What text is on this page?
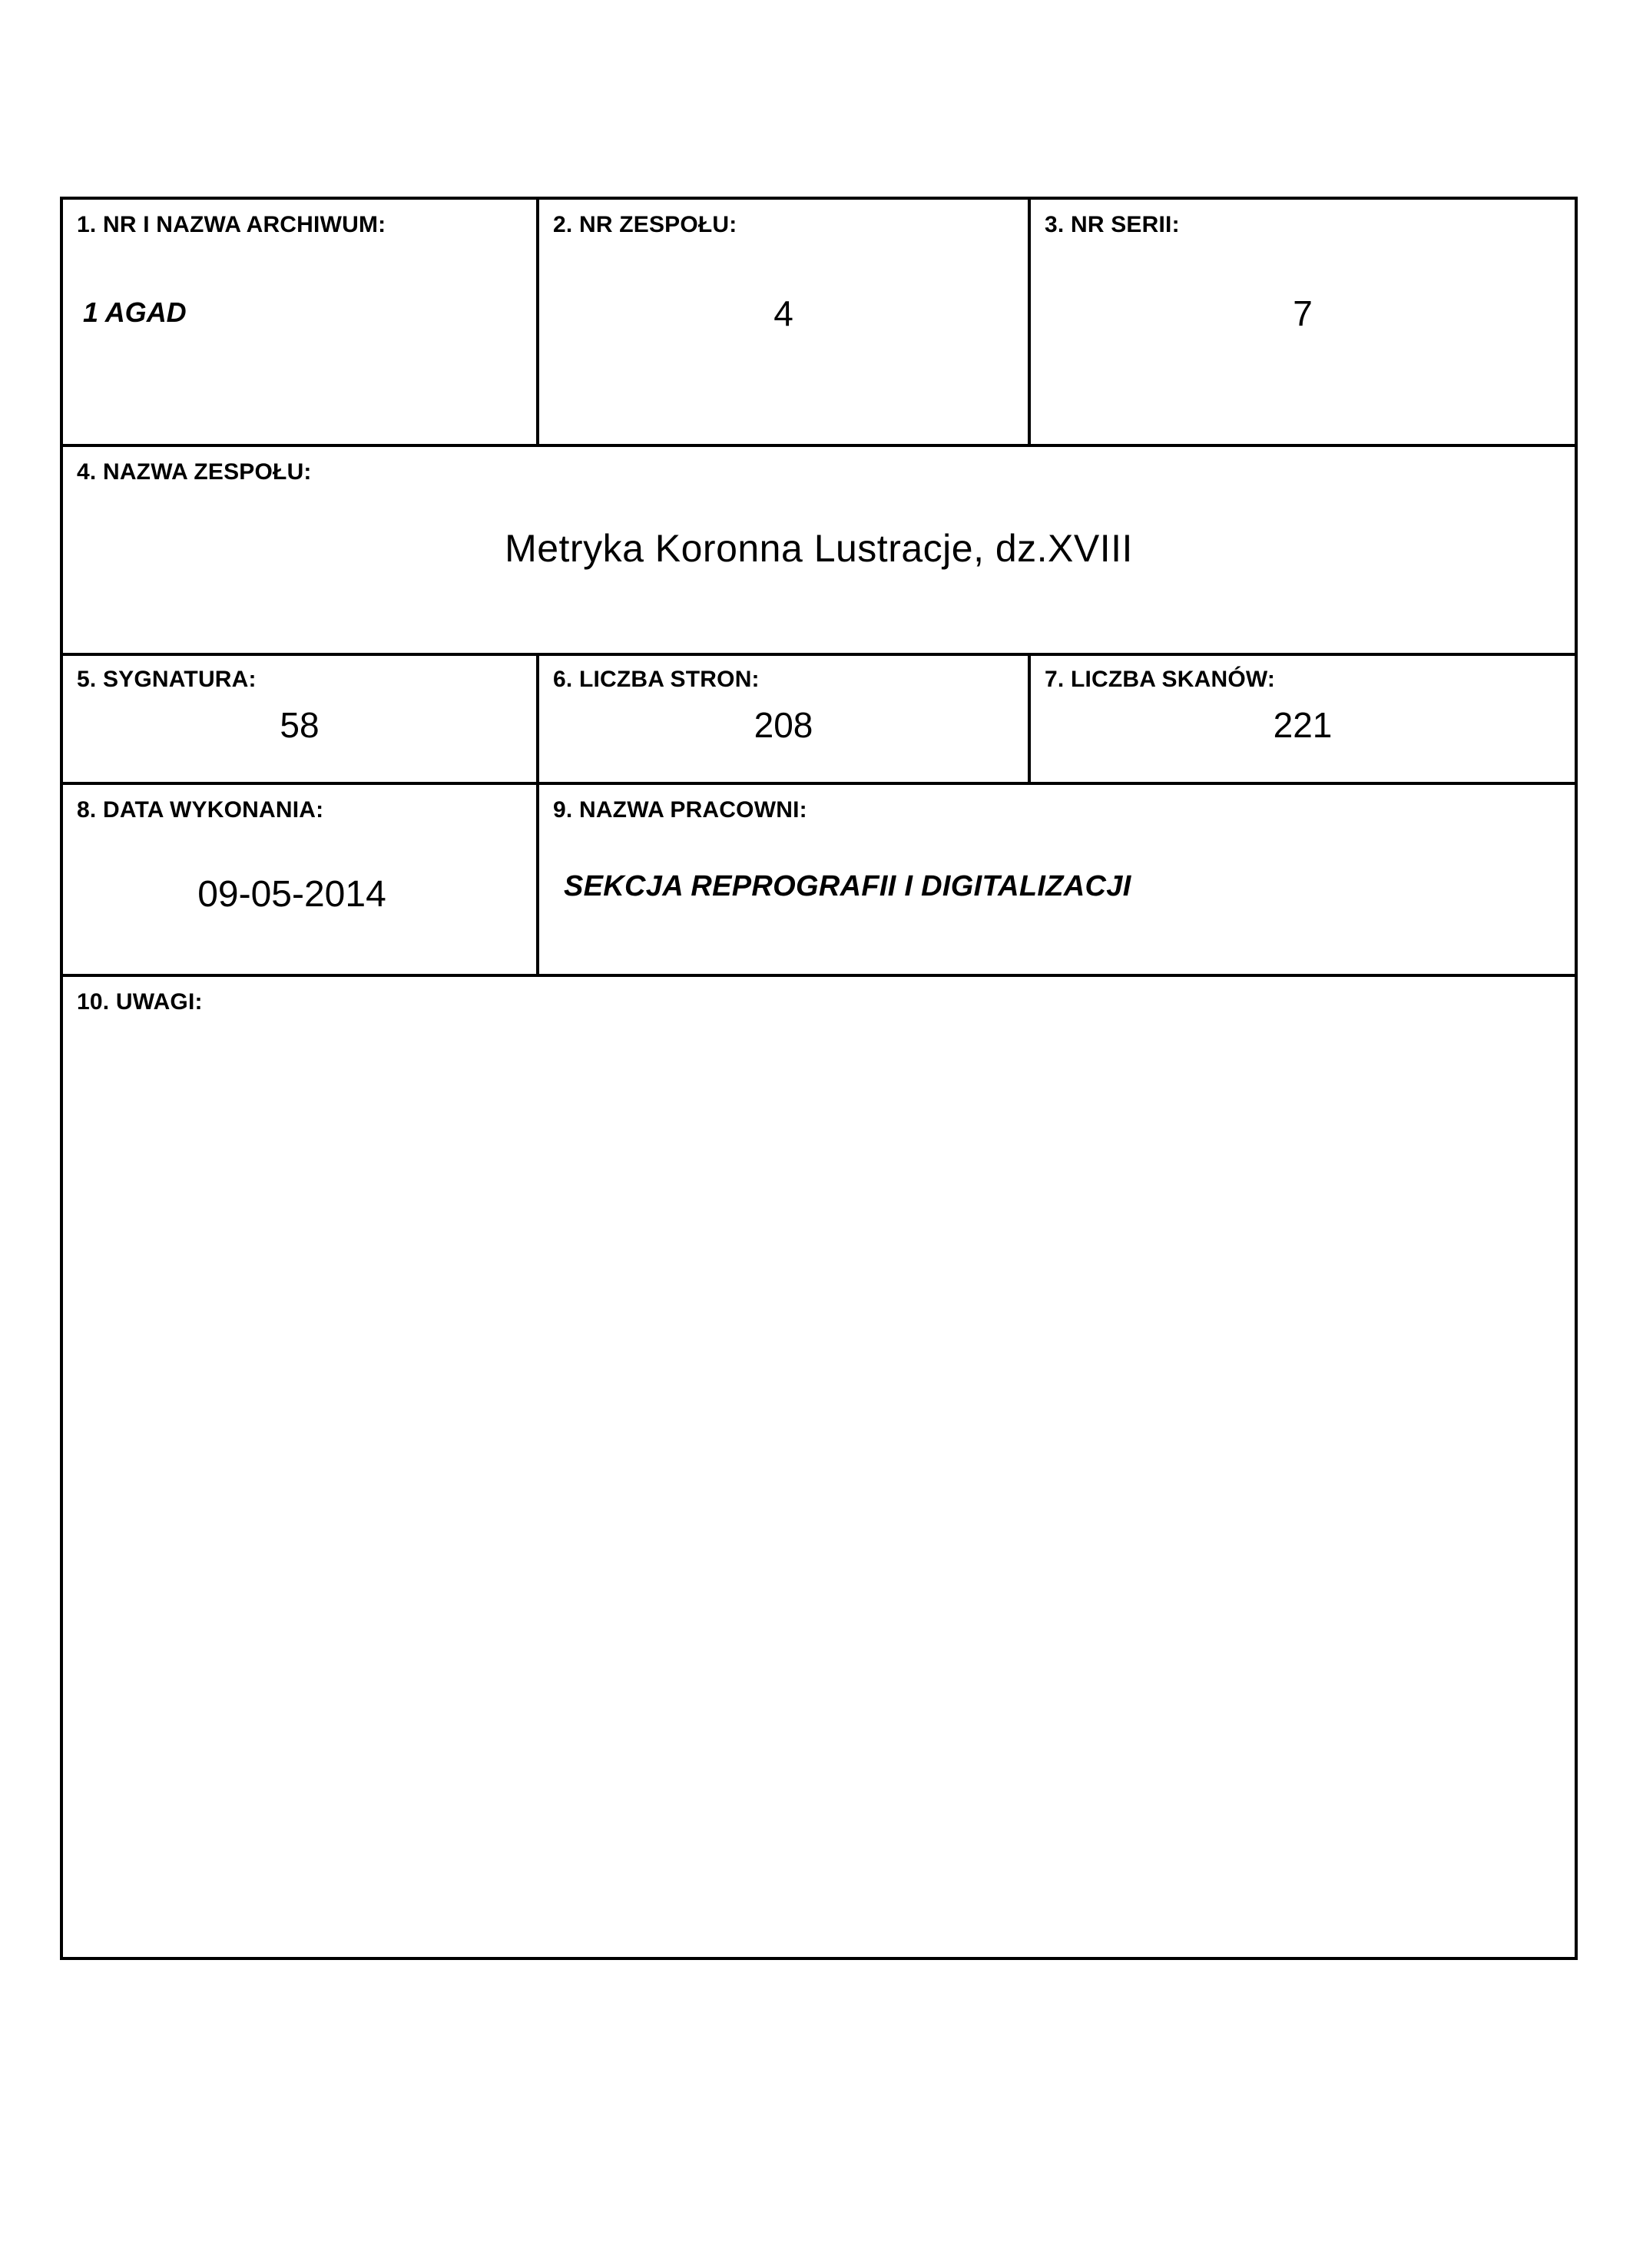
1. NR I NAZWA ARCHIWUM:
1 AGAD

2. NR ZESPOŁU:
4

3. NR SERII:
7

4. NAZWA ZESPOŁU:
Metryka Koronna Lustracje, dz.XVIII		

5. SYGNATURA:
58

6. LICZBA STRON:
208

7. LICZBA SKANÓW:
221

8. DATA WYKONANIA:
09-05-2014

9. NAZWA PRACOWNI:
SEKCJA REPROGRAFII I DIGITALIZACJI

10. UWAGI:		
